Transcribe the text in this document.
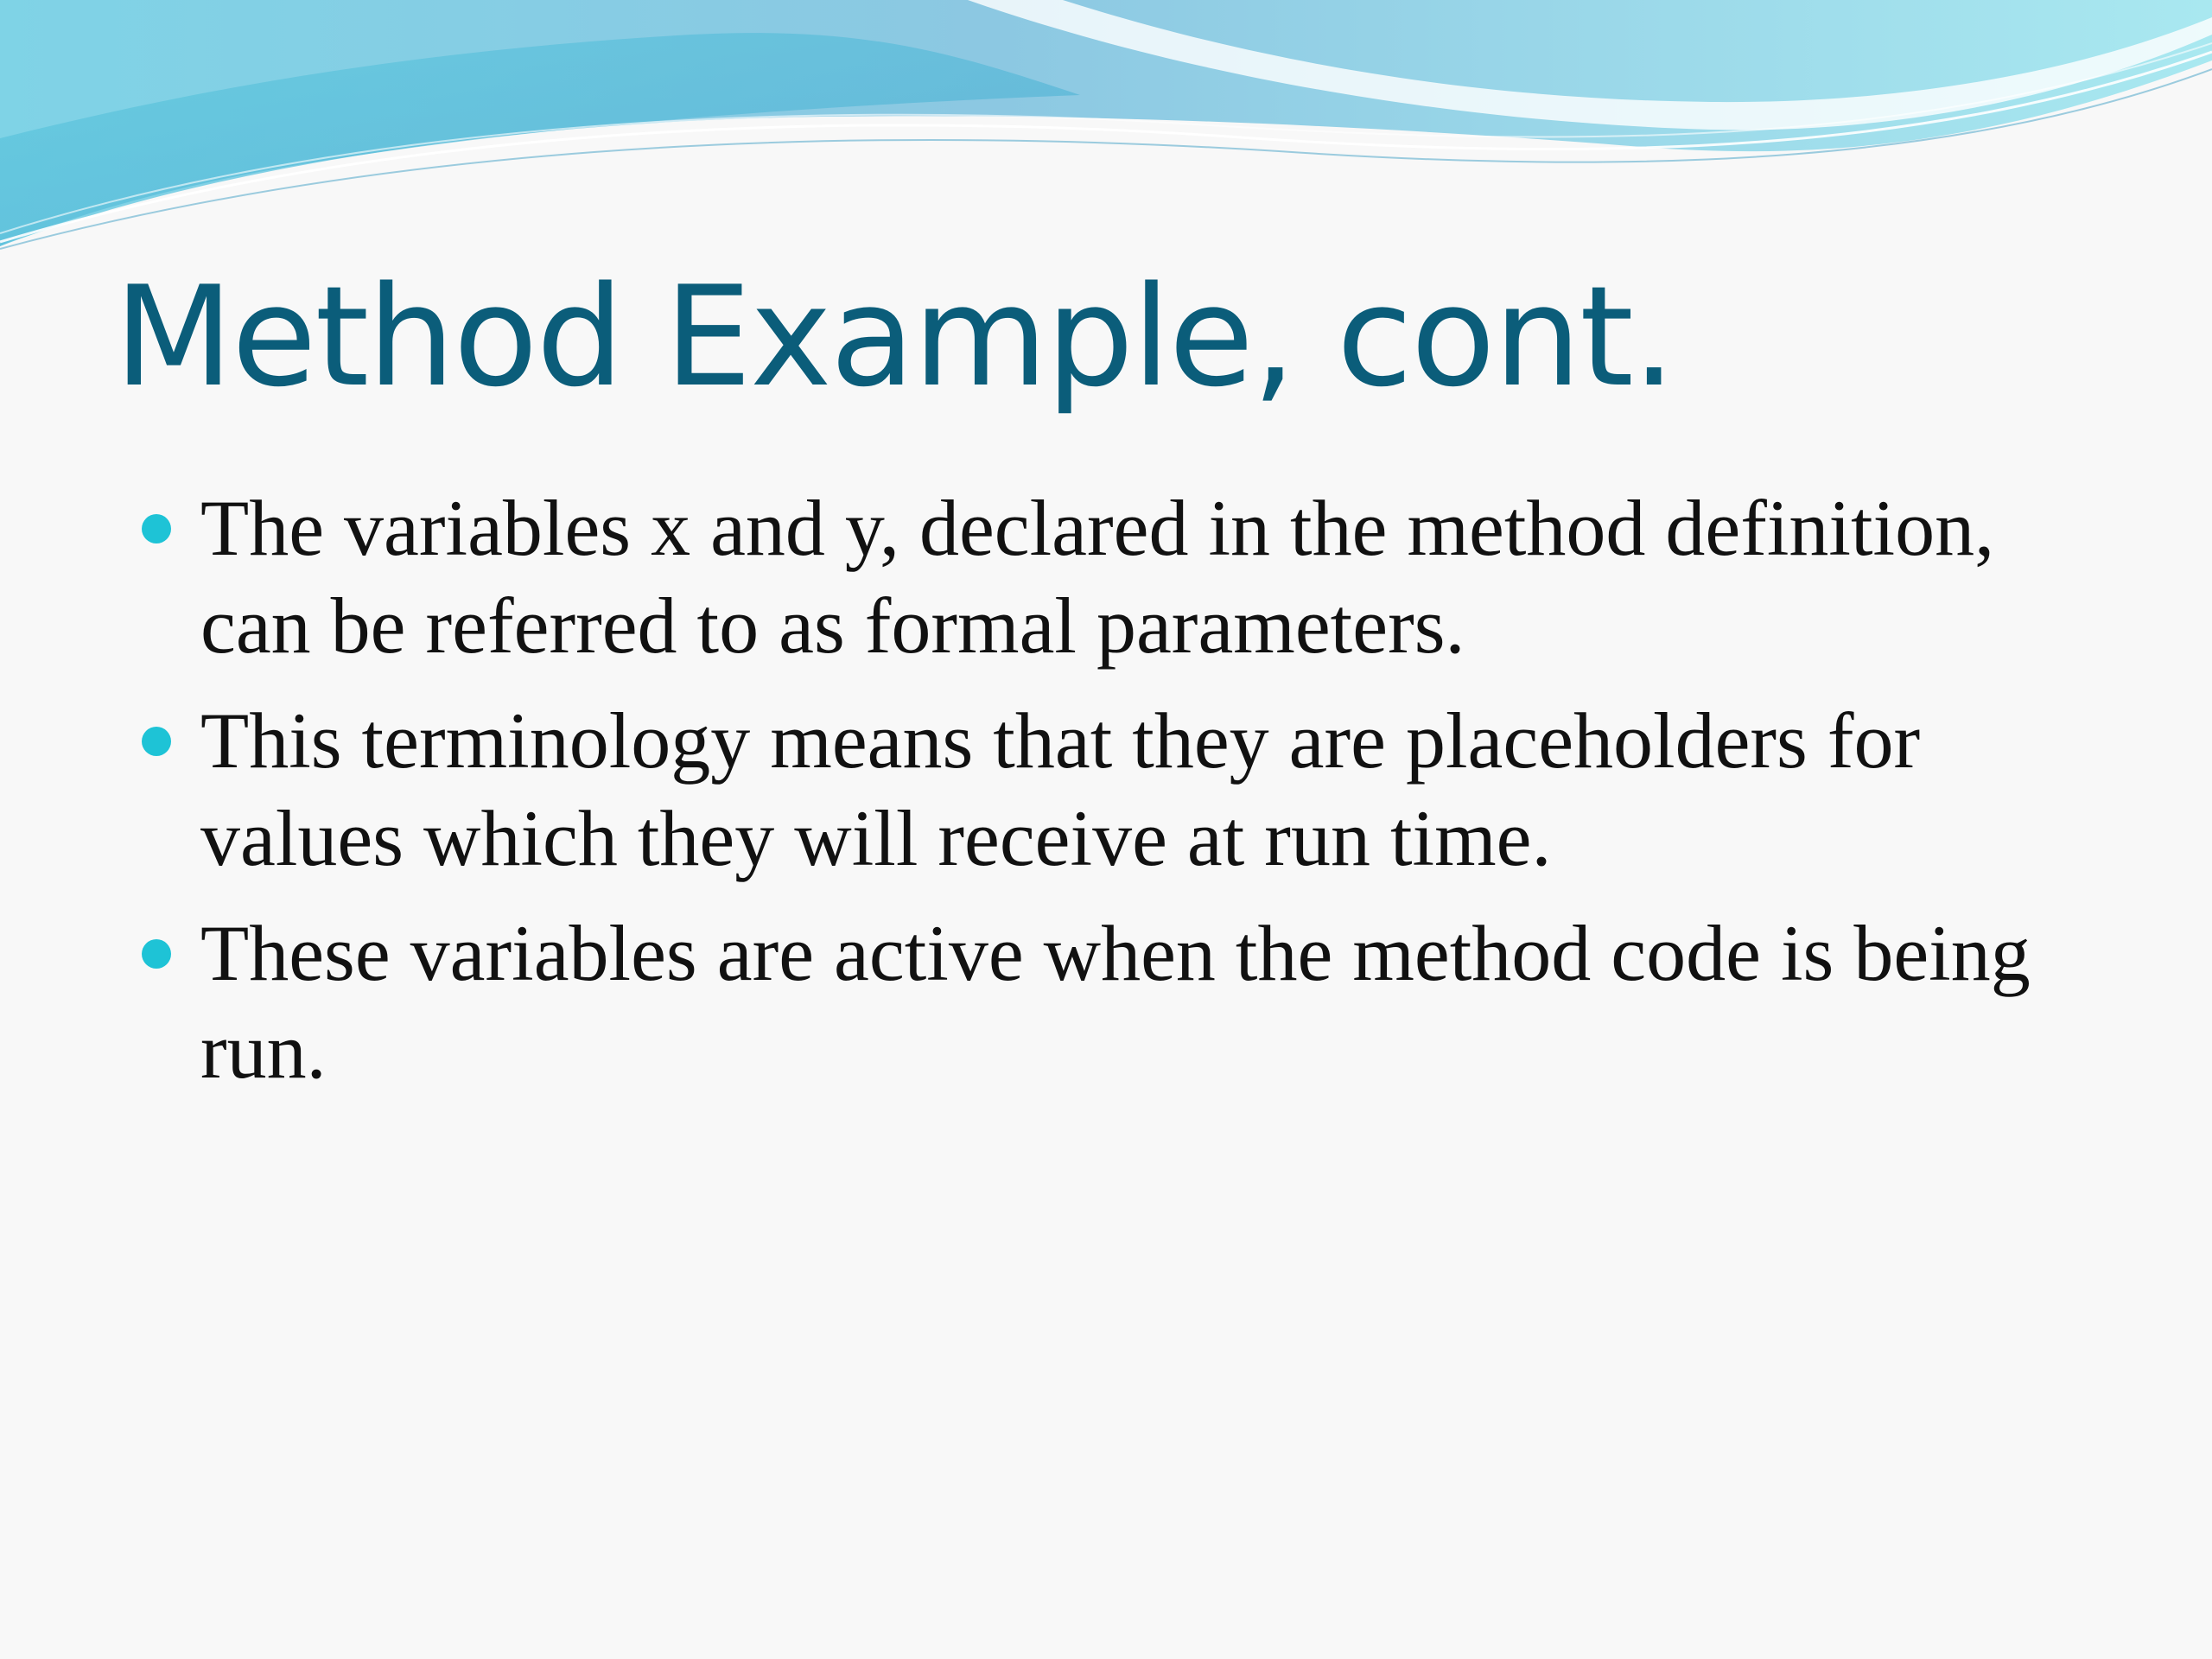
Method Example, cont.
The variables x and y, declared in the method definition, can be referred to as formal parameters.
This terminology means that they are placeholders for values which they will receive at run time.
These variables are active when the method code is being run.
